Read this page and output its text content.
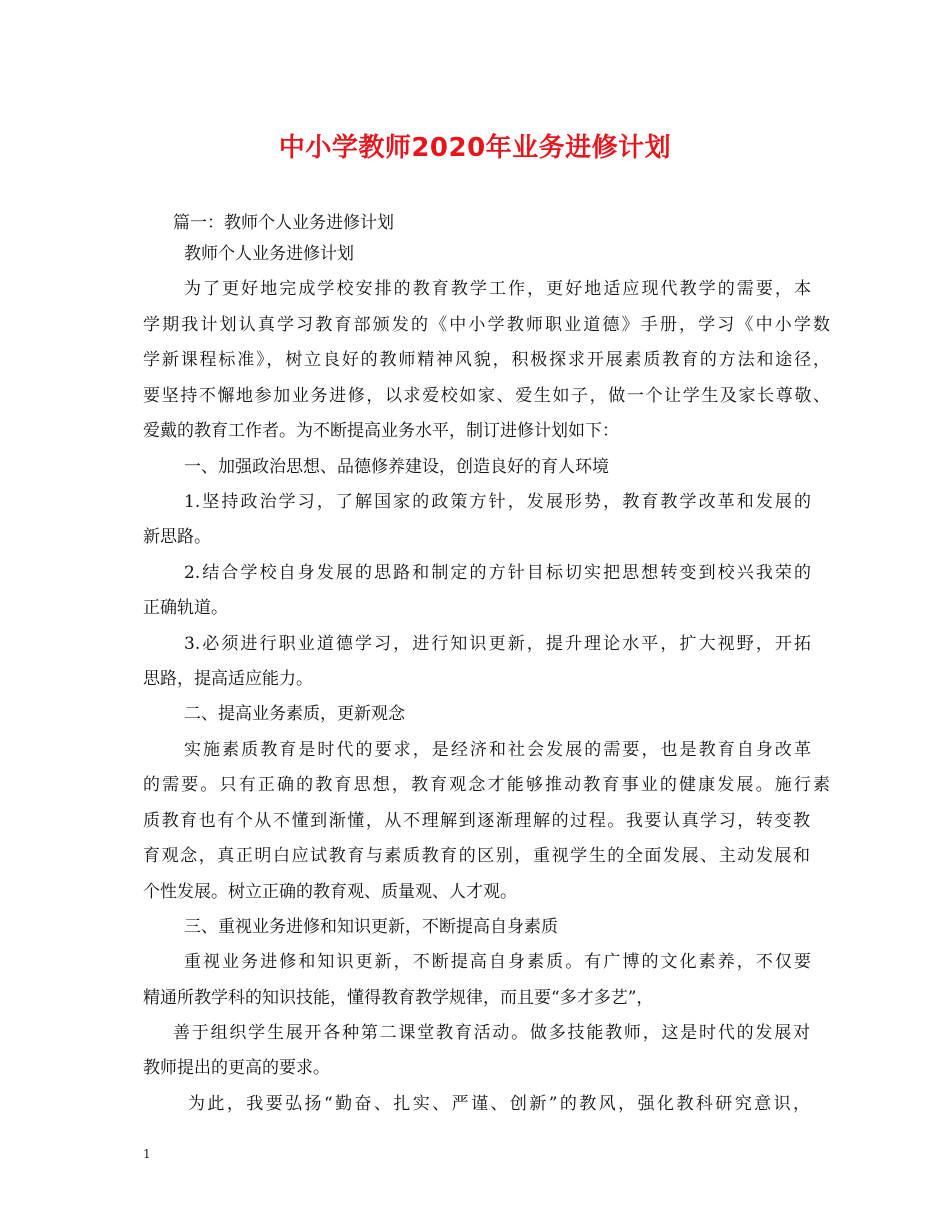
中小学教师2020年业务进修计划
篇一：教师个人业务进修计划
教师个人业务进修计划
为了更好地完成学校安排的教育教学工作，更好地适应现代教学的需要，本
学期我计划认真学习教育部颁发的《中小学教师职业道德》手册，学习《中小学数
学新课程标准》，树立良好的教师精神风貌，积极探求开展素质教育的方法和途径，
要坚持不懈地参加业务进修，以求爱校如家、爱生如子，做一个让学生及家长尊敬、
爱戴的教育工作者。为不断提高业务水平，制订进修计划如下：
一、加强政治思想、品德修养建设，创造良好的育人环境
1.坚持政治学习，了解国家的政策方针，发展形势，教育教学改革和发展的
新思路。
2.结合学校自身发展的思路和制定的方针目标切实把思想转变到校兴我荣的
正确轨道。
3.必须进行职业道德学习，进行知识更新，提升理论水平，扩大视野，开拓
思路，提高适应能力。
二、提高业务素质，更新观念
实施素质教育是时代的要求，是经济和社会发展的需要，也是教育自身改革
的需要。只有正确的教育思想，教育观念才能够推动教育事业的健康发展。施行素
质教育也有个从不懂到渐懂，从不理解到逐渐理解的过程。我要认真学习，转变教
育观念，真正明白应试教育与素质教育的区别，重视学生的全面发展、主动发展和
个性发展。树立正确的教育观、质量观、人才观。
三、重视业务进修和知识更新，不断提高自身素质
重视业务进修和知识更新，不断提高自身素质。有广博的文化素养，不仅要
精通所教学科的知识技能，懂得教育教学规律，而且要“多才多艺”，
善于组织学生展开各种第二课堂教育活动。做多技能教师，这是时代的发展对
教师提出的更高的要求。
为此，我要弘扬“勤奋、扎实、严谨、创新”的教风，强化教科研究意识，
1
